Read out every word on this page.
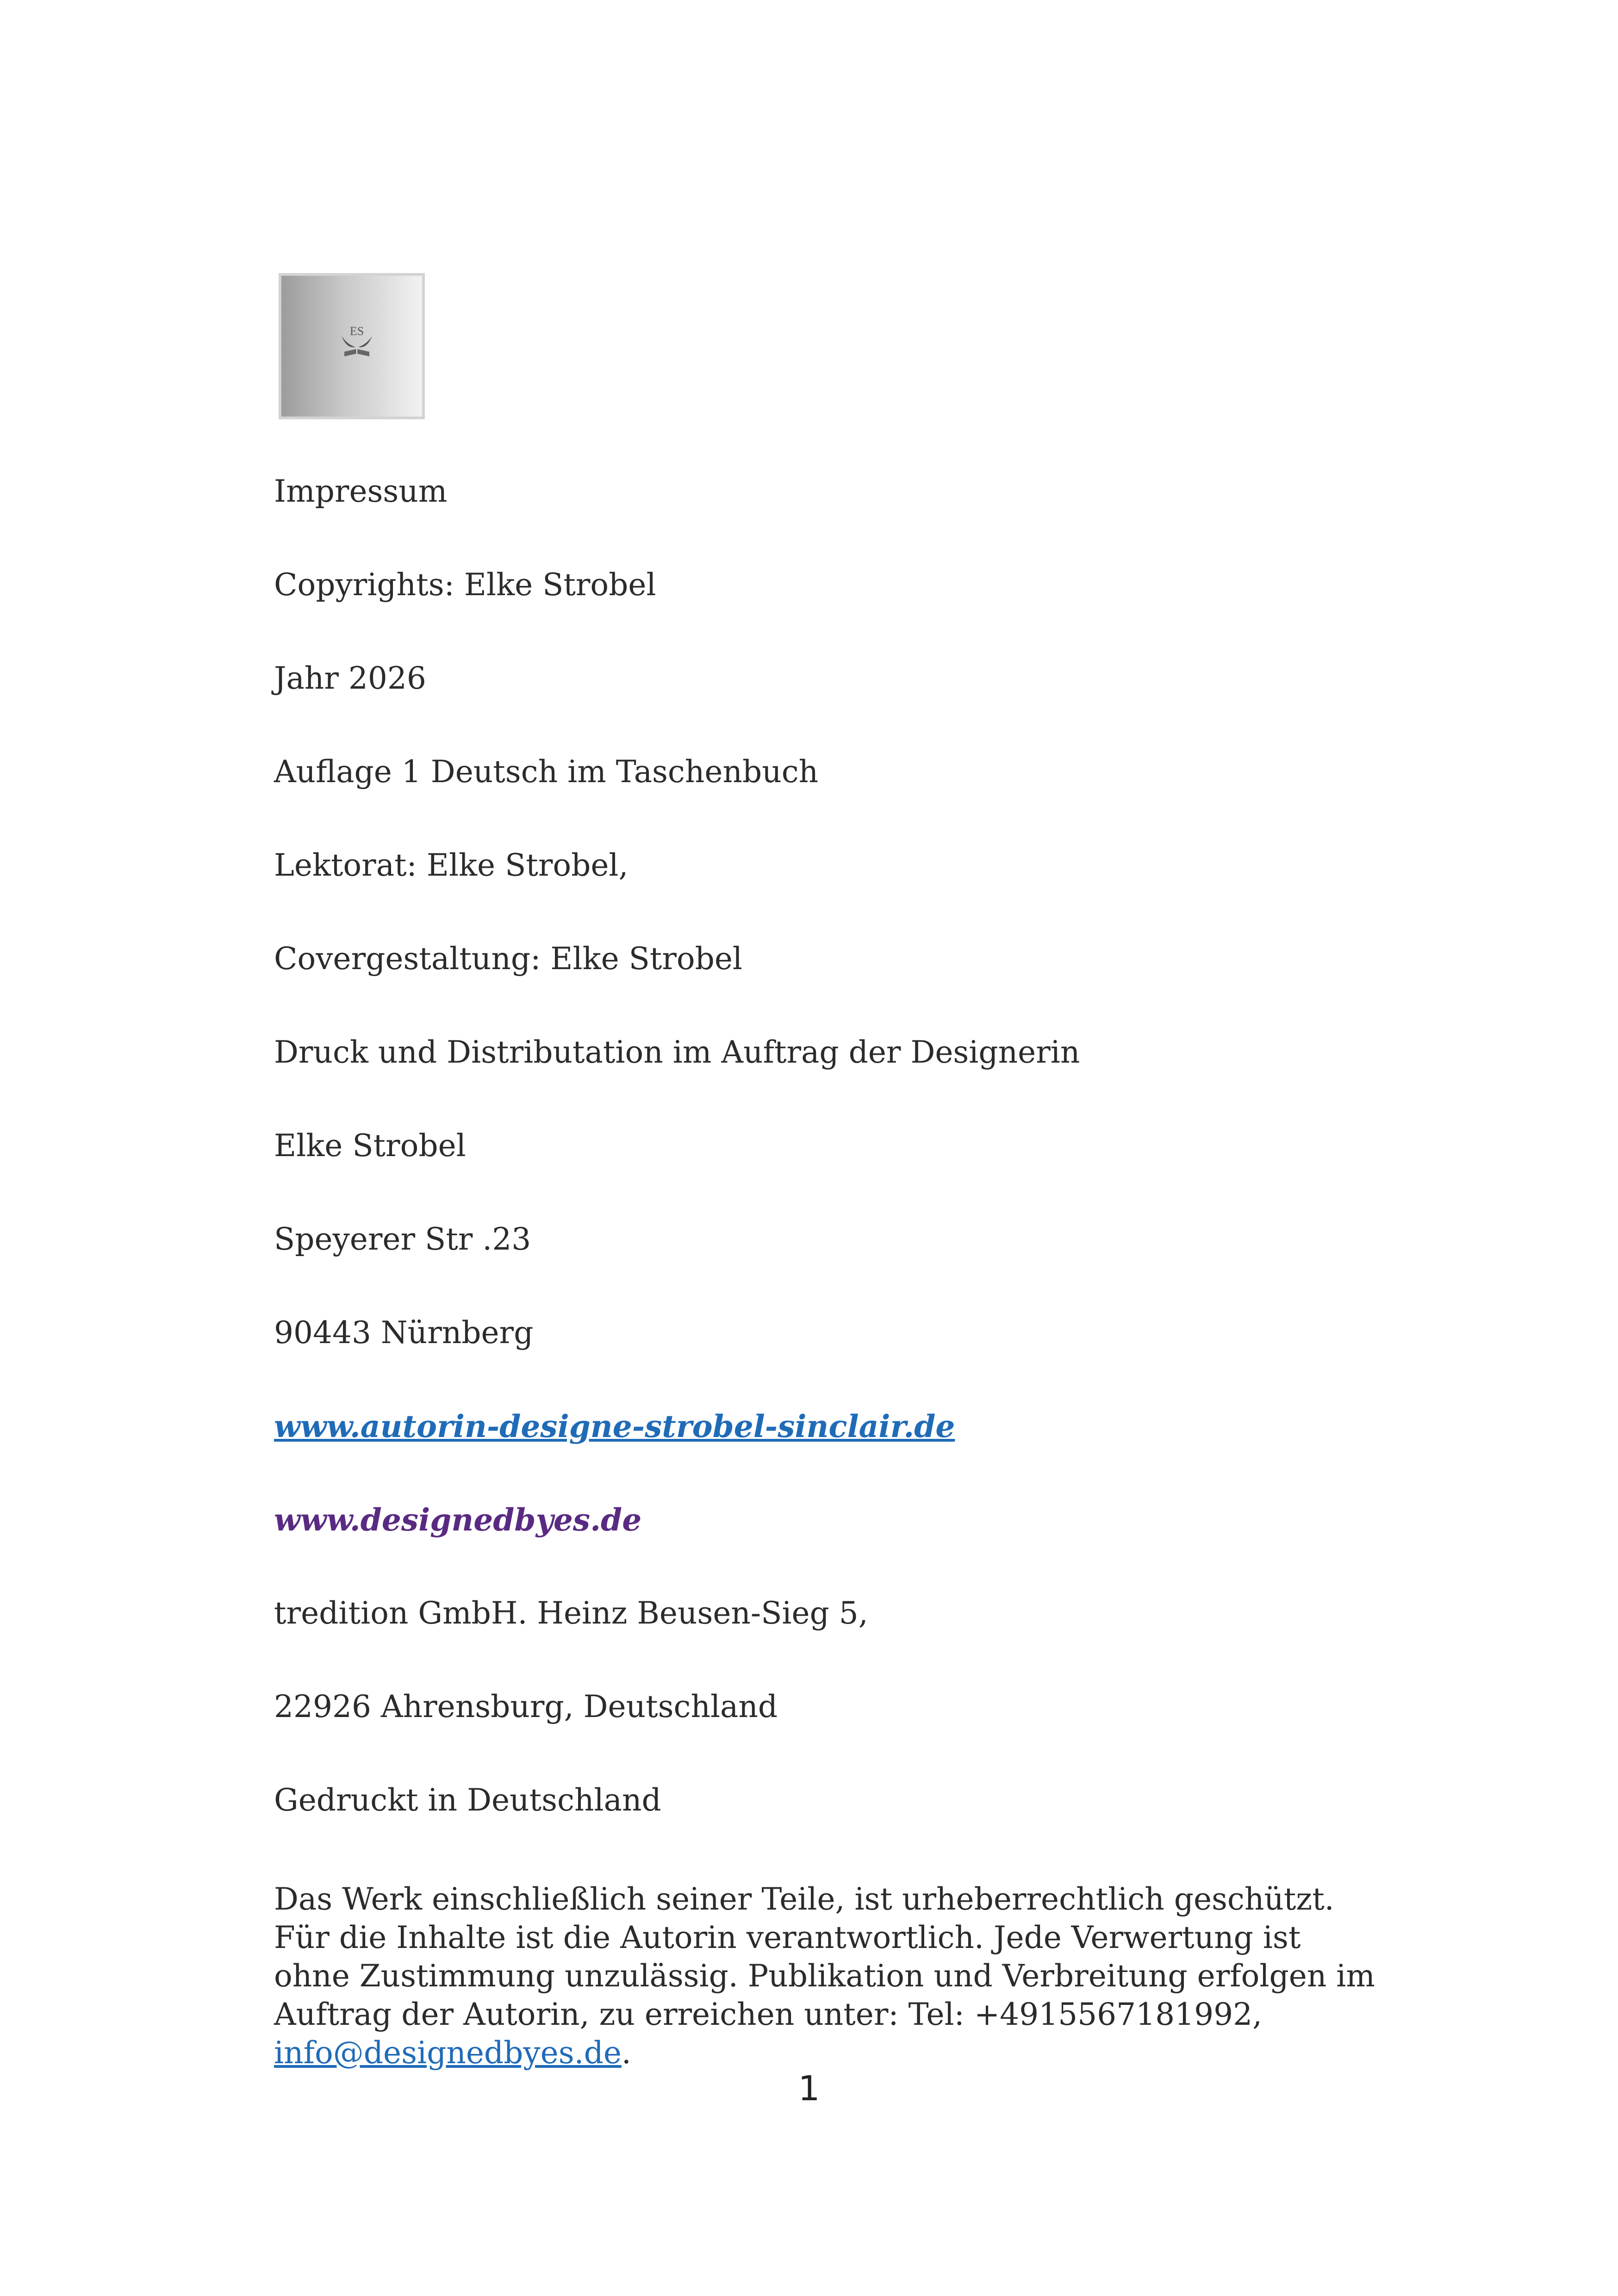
ES

Impressum

Copyrights: Elke Strobel

Jahr 2026

Auflage 1 Deutsch im Taschenbuch

Lektorat: Elke Strobel,

Covergestaltung: Elke Strobel

Druck und Distributation im Auftrag der Designerin

Elke Strobel

Speyerer Str .23

90443 Nürnberg

www.autorin-designe-strobel-sinclair.de

www.designedbyes.de

tredition GmbH. Heinz Beusen-Sieg 5,

22926 Ahrensburg, Deutschland

Gedruckt in Deutschland

Das Werk einschließlich seiner Teile, ist urheberrechtlich geschützt. Für die Inhalte ist die Autorin verantwortlich. Jede Verwertung ist ohne Zustimmung unzulässig. Publikation und Verbreitung erfolgen im Auftrag der Autorin, zu erreichen unter: Tel: +4915567181992, info@designedbyes.de.

1
